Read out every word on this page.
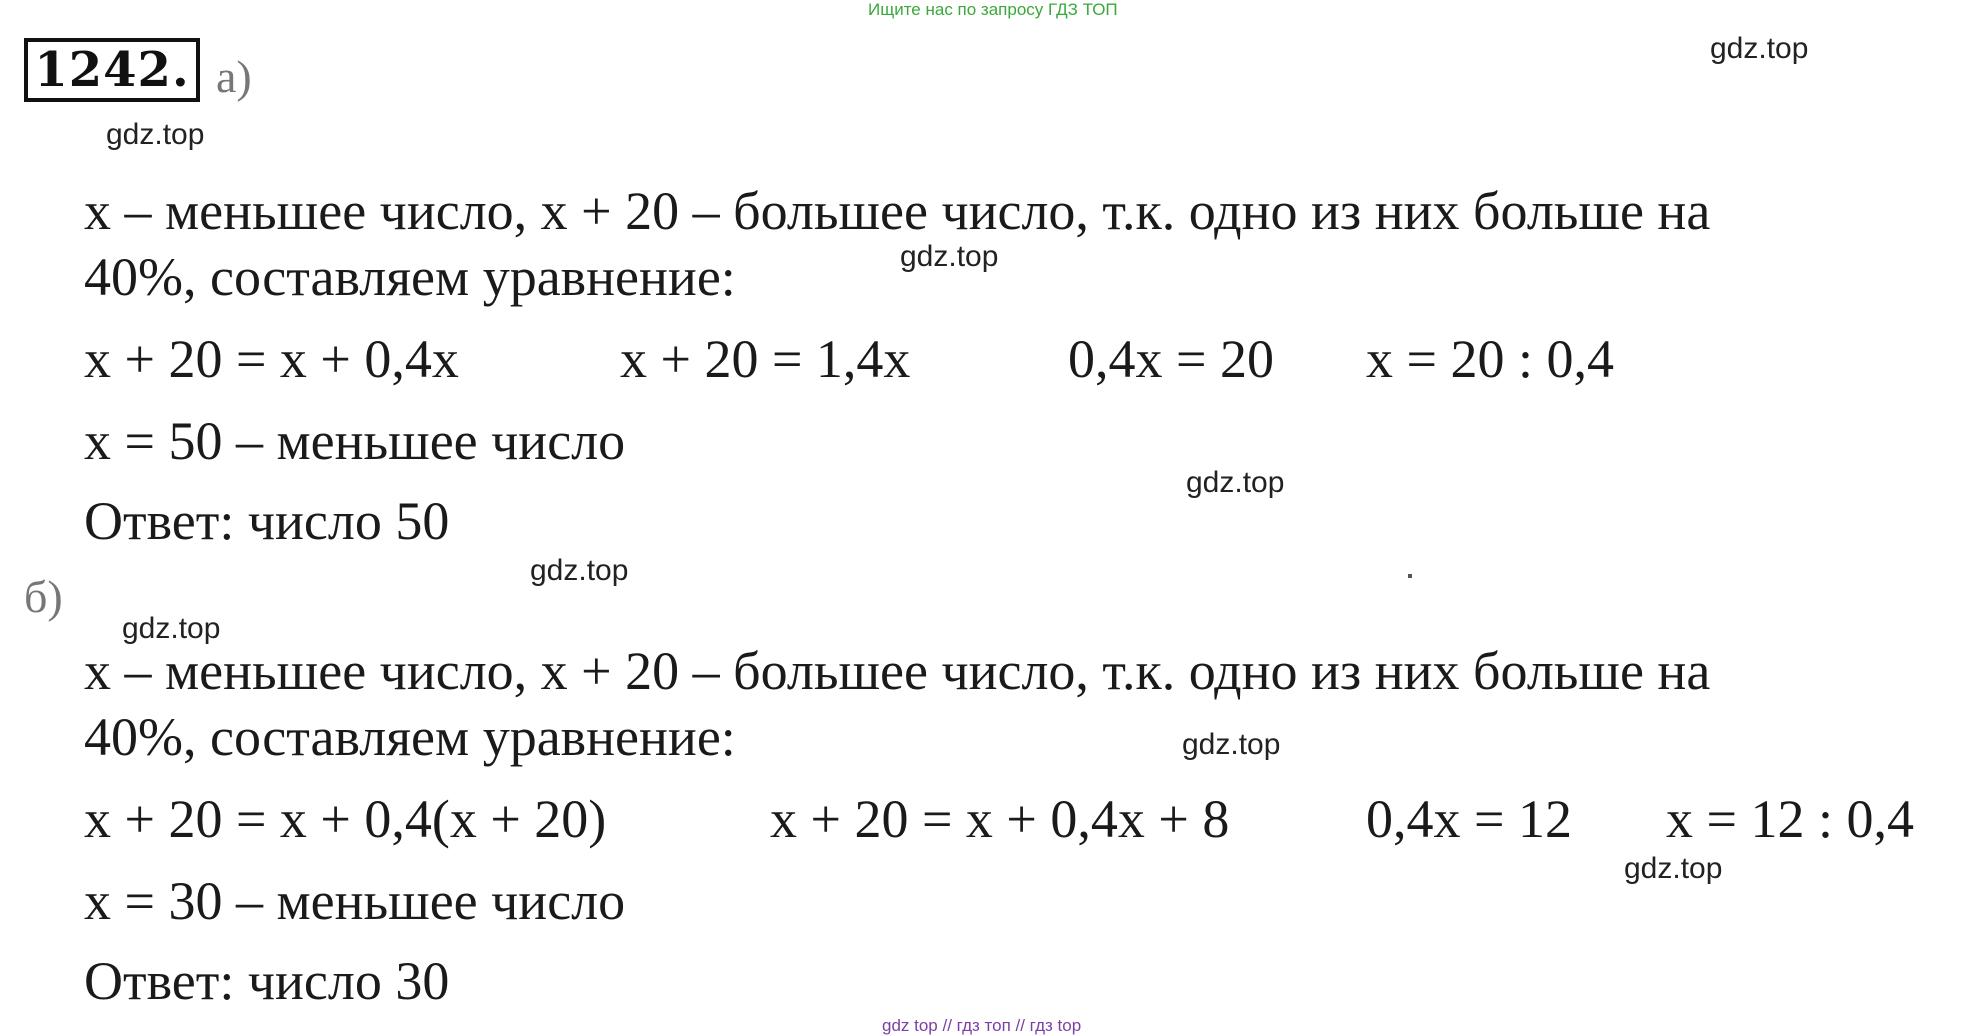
Ищите нас по запросу ГДЗ ТОП
1242. а)
gdz.top
gdz.top
х – меньшее число, х + 20 – большее число, т.к. одно из них больше на
gdz.top
40%, составляем уравнение:
х + 20 = х + 0,4х	х + 20 = 1,4х	0,4х = 20 х = 20 : 0,4
х = 50 – меньшее число
gdz.top
Ответ: число 50
gdz.top
б)
gdz.top
х – меньшее число, х + 20 – большее число, т.к. одно из них больше на
40%, составляем уравнение:	gdz.top
х + 20 = х + 0,4(х + 20)	х + 20 = х + 0,4х + 8	0,4х = 12 х = 12 : 0,4
gdz.top
х = 30 – меньшее число
Ответ: число 30
gdz top // гдз топ // гдз top
